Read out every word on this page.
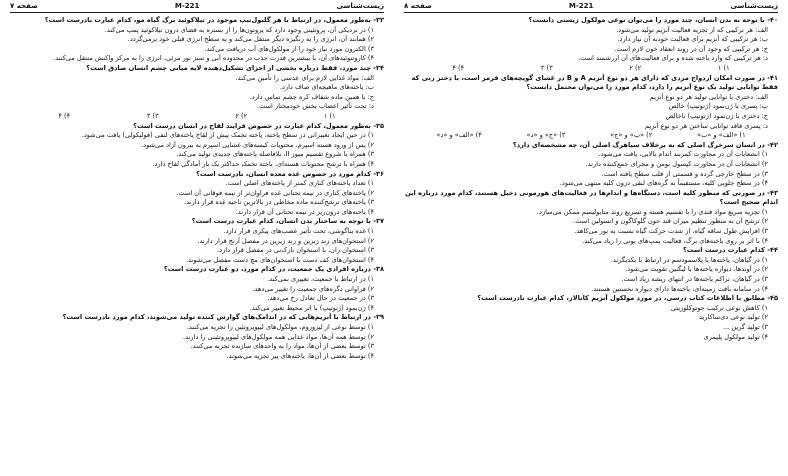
زیست‌شناسی
221-M
صفحه ۷
۳۳- به‌طور معمول، در ارتباط با هر گلبول‌تیپ موجود در تیلاکوئید برگ گیاه مو، کدام عبارت نادرست است؟
۱) در نزدیکی آن، پروتئینی وجود دارد که پروتون‌ها را از بستره به فضای درون تیلاکوئید پمپ می‌کند.
۲) همانند آن، انرژی را به رنگیزه دیگر منتقل می‌کند و به سطح انرژی قبلی خود برمی‌گردد.
۳) الکترون مورد نیاز خود را از مولکول‌های آب دریافت می‌کند.
۴) کاروتنوئیدهای آن، با بیشترین قدرت جذب در محدوده آبی و سبز نور مرئی، انرژی را به مرکز واکنش منتقل می‌کنند.
۳۴- چند مورد، فقط درباره بخشی از اجزای تشکیل‌دهنده لایه میانی چشم انسان صادق است؟
الف: مواد غذایی لازم برای عدسی را تأمین می‌کند.
ب: یاخته‌های ماهیچه‌ای صاف دارد.
ج: با همین ماده شفاف کره چشم تماس دارد.
د: تحت تأثیر اعصاب بخش خودمختار است.
۱) ۱
۲) ۲
۳) ۳
۴) ۴
۳۵- به‌طور معمول، کدام عبارت در خصوص فرایند لقاح در انسان درست است؟
۱) در حین ایجاد تغییراتی در سطح یاخته، یاخته تخمک پیش از لقاح یاخته‌های لنفی (فولیکولی) یافت می‌شود.
۲) پس از ورود هسته اسپرم، محتویات کیسه‌های غشایی اسپرم به بیرون آزاد می‌شود.
۳) همراه با شروع تقسیم میوز II، بلافاصله یاخته‌های جدیدی تولید می‌کند.
۴) همراه با ترشح محتویات هسته‌ای، یاخته تخمک حداکثر یک بار آمادگی لقاح دارد.
۳۶- کدام مورد در خصوص غده معده انسان، نادرست است؟
۱) تعداد یاخته‌های کناری کمتر از یاخته‌های اصلی است.
۲) یاخته‌های کناری در نیمه تحتانی غده فراوان‌تر از نیمه فوقانی آن است.
۳) یاخته‌های ترشح‌کننده ماده مخاطی در بالاترین ناحیه غده قرار دارند.
۴) یاخته‌های درون‌ریز در نیمه تحتانی آن قرار دارند.
۳۷- با توجه به ساختار بدن انسان، کدام عبارت درست است؟
۱) غده بناگوشی، تحت تأثیر عصب‌های پیکری قرار دارد.
۲) استخوان‌های زند زبرین و زند زیرین در مفصل آرنج قرار دارند.
۳) استخوان ران، با استخوان نازک‌نی در مفصل قرار دارد.
۴) استخوان‌های کف دست با استخوان‌های مچ دست مفصل می‌شوند.
۳۸- درباره افرادی یک جمعیت، در کدام مورد، دو عبارت درست است؟
۱) در ارتباط با جمعیت، تغییری نمی‌کند.
۲) فراوانی دگره‌های جمعیت را تغییر می‌دهد.
۳) در جمعیت در حال تعادل رخ می‌دهد.
۴) ژن‌نمود (ژنوتیپ) با اثر محیط تغییر می‌کند.
۳۹- در ارتباط با آنزیم‌هایی که در اندامک‌های گوارش کننده تولید می‌شوند، کدام مورد نادرست است؟
۱) توسط نوعی از لیزوزوم، مولکول‌های لیپوپروتئین را تجزیه می‌کنند.
۲) توسط همه آن‌ها، مواد غذایی همه مولکول‌های لیپوپروتئینی را دارند.
۳) توسط بعضی از آن‌ها، مواد را به واحدهای سازنده تجزیه می‌کنند.
۴) توسط بعضی از آن‌ها، یاخته‌های پیر تجزیه می‌شوند.
زیست‌شناسی
221-M
صفحه ۸
۴۰- با توجه به بدن انسان، چند مورد را می‌توان نوعی مولکول زیستی دانست؟
الف: هر ترکیبی که از تجزیه فعالیت آنزیم تولید می‌شود.
ب: هر ترکیبی که آنزیم برای فعالیت خودبه آن نیاز دارد.
ج: هر ترکیبی که وجود آن در روند انعقاد خون لازم است.
د: هر ترکیبی که وارد یاخته شده و برای فعالیت‌های آن ارزشمند است.
۱) ۱
۲) ۲
۳) ۳
۴) ۴
۴۱- در صورت امکان ازدواج مردی که دارای هر دو نوع آنزیم A و B در غشای گویچه‌های قرمز است، با دختر زنی که فقط توانایی تولید یک نوع آنزیم را دارد، کدام مورد را می‌توان محتمل دانست؟
الف: دختری با توانایی تولید هر دو نوع آنزیم
ب: پسری با ژن‌نمود (ژنوتیپ) خالص
ج: دختری با ژن‌نمود (ژنوتیپ) ناخالص
د: پسری فاقد توانایی ساختن هر دو نوع آنزیم
۱) «الف» و «ب»
۲) «ب» و «ج»
۳) «ج» و «د»
۴) «الف» و «د»
۴۲- در انسان سرخرگ اصلی که به برخلاف سیاهرگ اصلی آن، چه مشخصه‌ای دارد؟
۱) انشعابات آن در مجاورت کمربند اندام بالایی، یافت می‌شود.
۲) انشعابات آن در مجاورت کپسول بومن و مجرای جمع‌کننده دارند.
۳) در سطح خارجی گرده و قسمتی از قلب سطح یافته است.
۴) در سطح جلویی کلیه، مستقیماً به گره‌های لنفی درون کلیه منتهی می‌شود.
۴۳- در صورتی که منظور کلیه است، دستگاه‌ها و اندام‌ها در فعالیت‌های هورمونی دخیل هستند، کدام مورد درباره این اندام صحیح است؟
۱) تجزیه سریع مواد قندی را با تقسیم هسته و تسریع روند متابولیسم ممکن می‌سازد.
۲) ترشح آن به منظور تنظیم میزان قند خون گلوکاگون و انسولین است.
۳) افزایش طول ساقه گیاه، از شدت حرکت گیاه نسبت به نور می‌کاهد.
۴) با اثر بر روی یاخته‌های برگ، فعالیت پمپ‌های یونی را زیاد می‌کند.
۴۴- کدام عبارت درست است؟
۱) در گیاهان، یاخته‌ها با پلاسمودسم در ارتباط با یکدیگرند.
۲) در آوندها، دیواره یاخته‌ها با لیگنین تقویت می‌شود.
۳) در گیاهان، تراکم یاخته‌ها در انتهای ریشه زیاد است.
۴) در سامانه بافت زمینه‌ای، یاخته‌ها دارای دیواره نخستین هستند.
۴۵- مطابق با اطلاعات کتاب درسی، در مورد مولکول آنزیم کاتالاز، کدام عبارت نادرست است؟
۱) کاهش نوعی ترکیب جوتوکلوریتی
۲) تولید نوعی دی‌ساکارید
۳) تولید گرین ...
۴) تولید مولکول پلیمری
